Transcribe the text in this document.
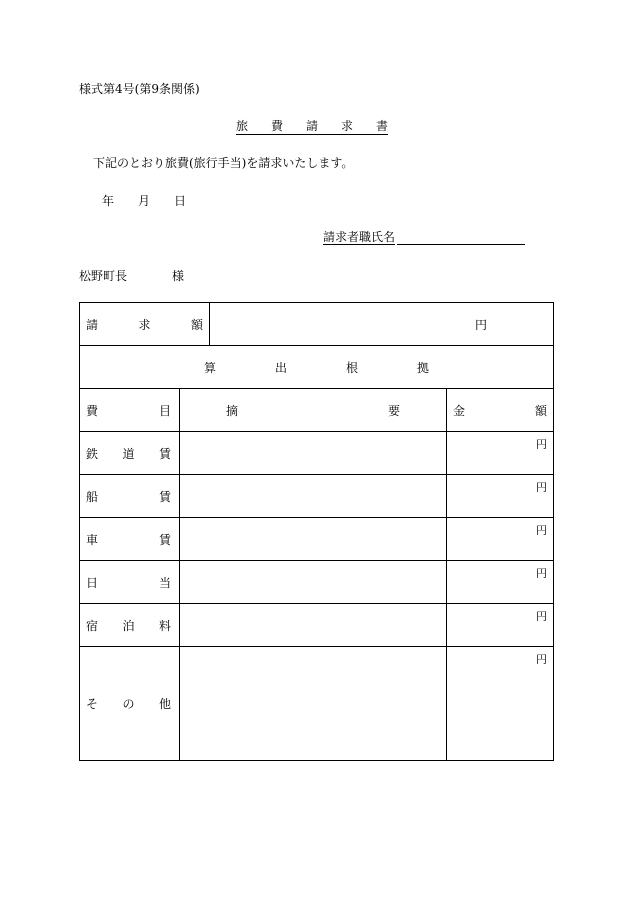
様式第4号(第9条関係)
旅 費 請 求 書
下記のとおり旅費(旅行手当)を請求いたします。
年	月	日
請求者職氏名
松野町長	様
請 求 額		円	

算 出 根 拠			

費 目	摘 要		金 額

鉄 道 賃			円

船 賃			円

車 賃			円

日 当			円

宿 泊 料			円

そ の 他			円
